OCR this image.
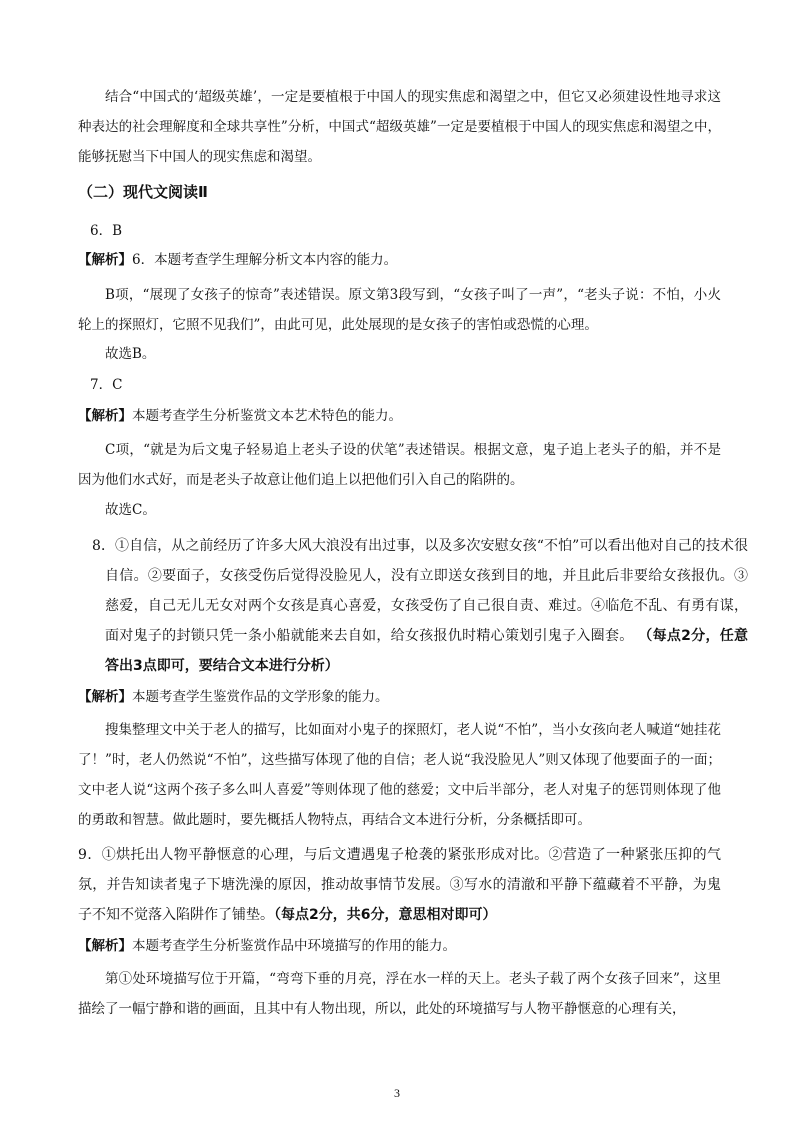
结合“中国式的‘超级英雄’，一定是要植根于中国人的现实焦虑和渴望之中，但它又必须建设性地寻求这种表达的社会理解度和全球共享性”分析，中国式“超级英雄”一定是要植根于中国人的现实焦虑和渴望之中，能够抚慰当下中国人的现实焦虑和渴望。

（二）现代文阅读Ⅱ

6．B

【解析】6．本题考查学生理解分析文本内容的能力。

B项，“展现了女孩子的惊奇”表述错误。原文第3段写到，“女孩子叫了一声”，“老头子说：不怕，小火轮上的探照灯，它照不见我们”，由此可见，此处展现的是女孩子的害怕或恐慌的心理。

故选B。

7．C

【解析】本题考查学生分析鉴赏文本艺术特色的能力。

C项，“就是为后文鬼子轻易追上老头子设的伏笔”表述错误。根据文意，鬼子追上老头子的船，并不是因为他们水式好，而是老头子故意让他们追上以把他们引入自己的陷阱的。

故选C。

8．①自信，从之前经历了许多大风大浪没有出过事，以及多次安慰女孩“不怕”可以看出他对自己的技术很自信。②要面子，女孩受伤后觉得没脸见人，没有立即送女孩到目的地，并且此后非要给女孩报仇。③慈爱，自己无儿无女对两个女孩是真心喜爱，女孩受伤了自己很自责、难过。④临危不乱、有勇有谋，面对鬼子的封锁只凭一条小船就能来去自如，给女孩报仇时精心策划引鬼子入圈套。 （每点2分，任意答出3点即可，要结合文本进行分析）

【解析】本题考查学生鉴赏作品的文学形象的能力。

搜集整理文中关于老人的描写，比如面对小鬼子的探照灯，老人说“不怕”，当小女孩向老人喊道“她挂花了！”时，老人仍然说“不怕”，这些描写体现了他的自信；老人说“我没脸见人”则又体现了他要面子的一面；文中老人说“这两个孩子多么叫人喜爱”等则体现了他的慈爱；文中后半部分，老人对鬼子的惩罚则体现了他的勇敢和智慧。做此题时，要先概括人物特点，再结合文本进行分析，分条概括即可。

9．①烘托出人物平静惬意的心理，与后文遭遇鬼子枪袭的紧张形成对比。②营造了一种紧张压抑的气氛，并告知读者鬼子下塘洗澡的原因，推动故事情节发展。③写水的清澈和平静下蕴藏着不平静，为鬼子不知不觉落入陷阱作了铺垫。（每点2分，共6分，意思相对即可）

【解析】本题考查学生分析鉴赏作品中环境描写的作用的能力。

第①处环境描写位于开篇，“弯弯下垂的月亮，浮在水一样的天上。老头子载了两个女孩子回来”，这里描绘了一幅宁静和谐的画面，且其中有人物出现，所以，此处的环境描写与人物平静惬意的心理有关，

3
